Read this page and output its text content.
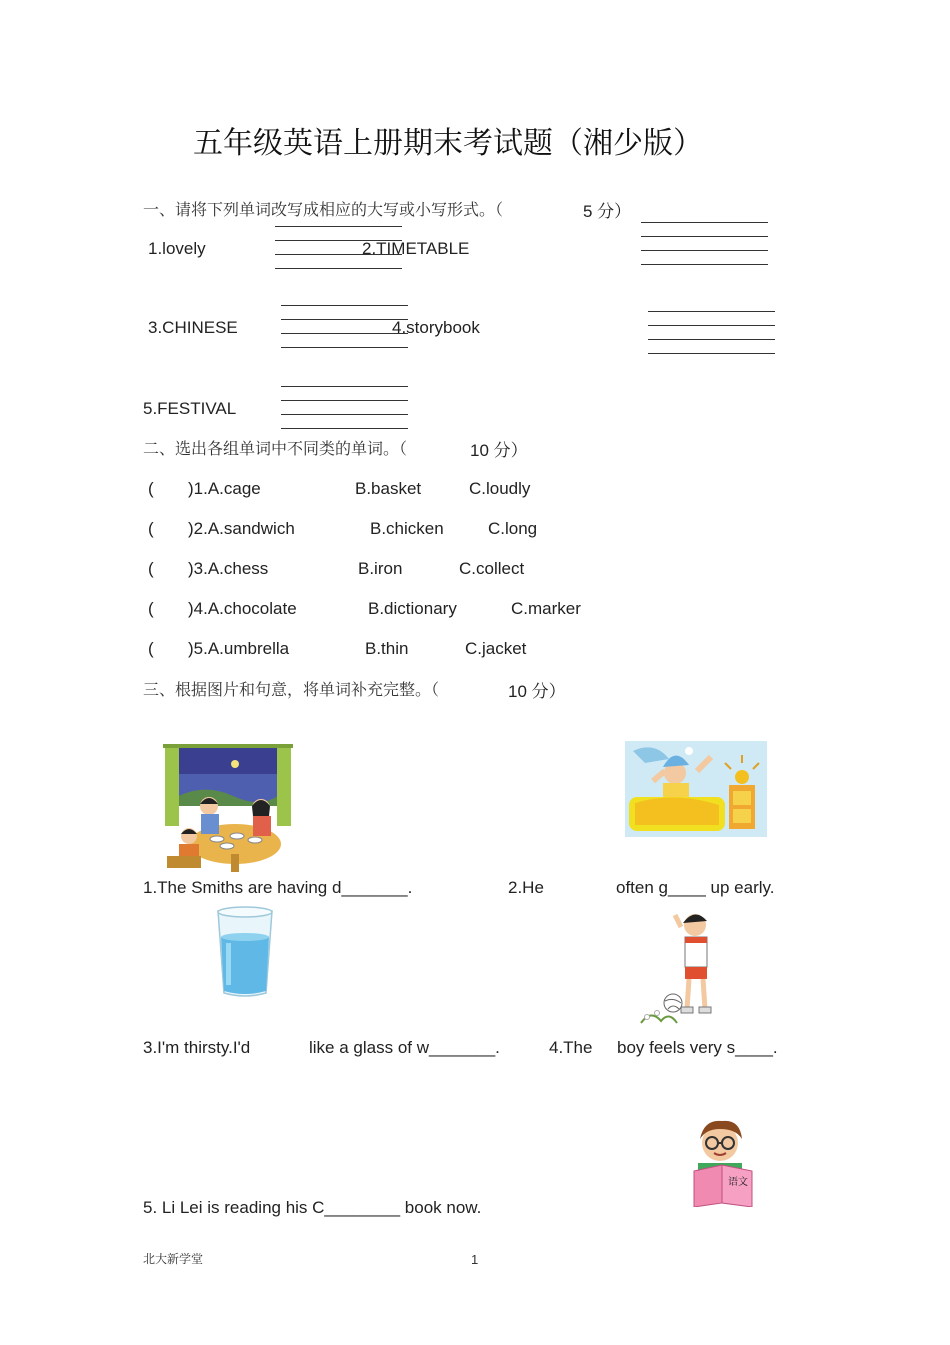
五年级英语上册期末考试题（湘少版）
一、请将下列单词改写成相应的大写或小写形式。（	5 分）
1.lovely	2.TIMETABLE
3.CHINESE	4.storybook
5.FESTIVAL
二、选出各组单词中不同类的单词。（	10 分）
( )1.A.cage	B.basket	C.loudly
( )2.A.sandwich	B.chicken	C.long
( )3.A.chess	B.iron	C.collect
( )4.A.chocolate	B.dictionary	C.marker
( )5.A.umbrella	B.thin	C.jacket
三、根据图片和句意，将单词补充完整。（	10 分）
1.The Smiths are having d_______.	2.He	often g____ up early.
3.I'm thirsty.I'd	like a glass of w_______.	4.The boy feels very s____.
语文
5. Li Lei is reading his C________ book now.
北大新学堂	1
